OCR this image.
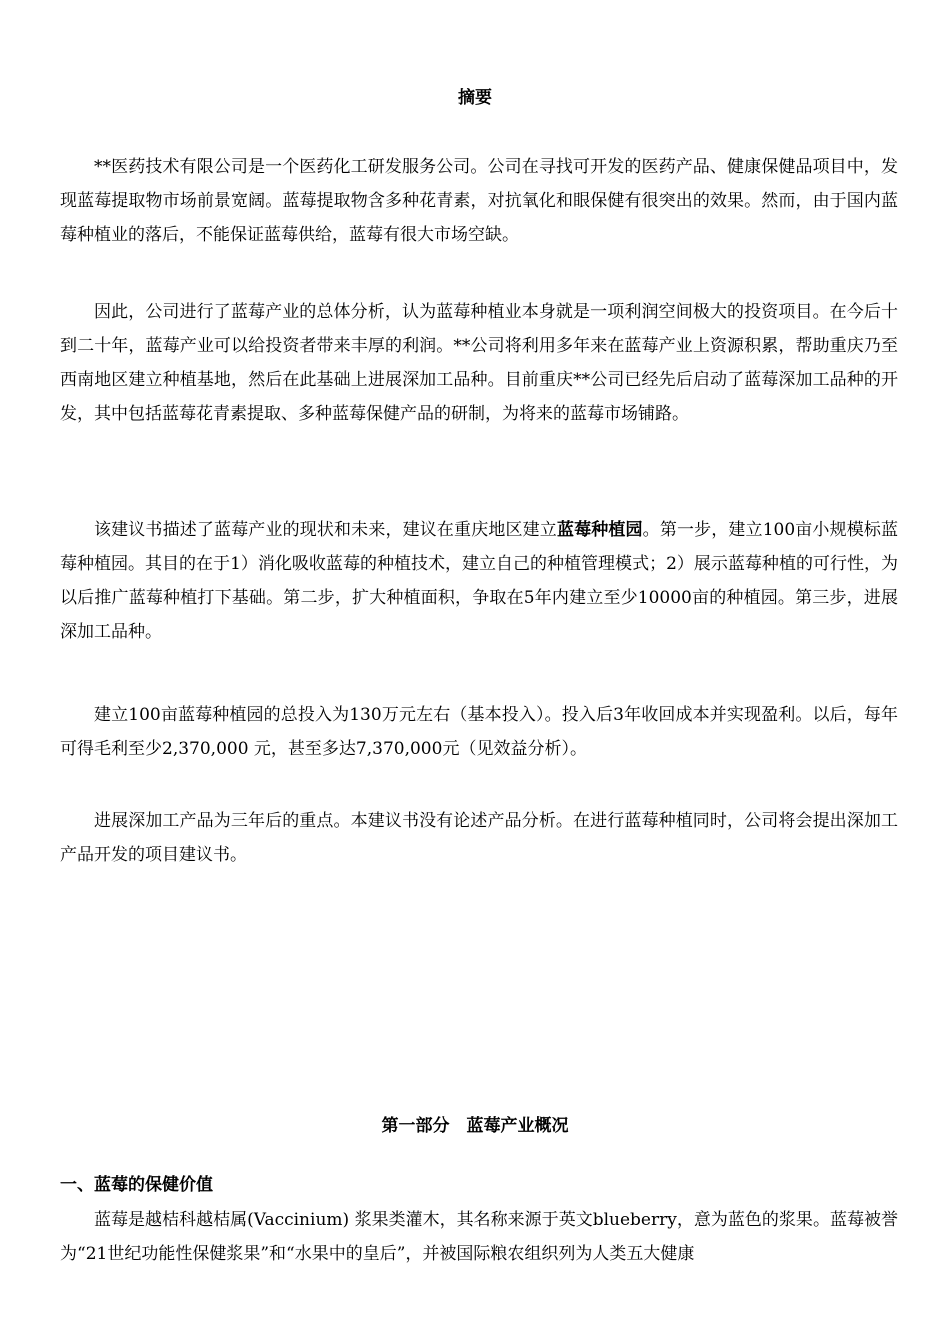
摘要

**医药技术有限公司是一个医药化工研发服务公司。公司在寻找可开发的医药产品、健康保健品项目中，发现蓝莓提取物市场前景宽阔。蓝莓提取物含多种花青素，对抗氧化和眼保健有很突出的效果。然而，由于国内蓝莓种植业的落后，不能保证蓝莓供给，蓝莓有很大市场空缺。

因此，公司进行了蓝莓产业的总体分析，认为蓝莓种植业本身就是一项利润空间极大的投资项目。在今后十到二十年，蓝莓产业可以给投资者带来丰厚的利润。**公司将利用多年来在蓝莓产业上资源积累，帮助重庆乃至西南地区建立种植基地，然后在此基础上进展深加工品种。目前重庆**公司已经先后启动了蓝莓深加工品种的开发，其中包括蓝莓花青素提取、多种蓝莓保健产品的研制，为将来的蓝莓市场铺路。

该建议书描述了蓝莓产业的现状和未来，建议在重庆地区建立蓝莓种植园。第一步，建立100亩小规模标蓝莓种植园。其目的在于1）消化吸收蓝莓的种植技术，建立自己的种植管理模式；2）展示蓝莓种植的可行性，为以后推广蓝莓种植打下基础。第二步，扩大种植面积，争取在5年内建立至少10000亩的种植园。第三步，进展深加工品种。

建立100亩蓝莓种植园的总投入为130万元左右（基本投入）。投入后3年收回成本并实现盈利。以后，每年可得毛利至少2,370,000 元，甚至多达7,370,000元（见效益分析）。

进展深加工产品为三年后的重点。本建议书没有论述产品分析。在进行蓝莓种植同时，公司将会提出深加工产品开发的项目建议书。

第一部分　蓝莓产业概况
一、蓝莓的保健价值

蓝莓是越桔科越桔属(Vaccinium) 浆果类灌木，其名称来源于英文blueberry，意为蓝色的浆果。蓝莓被誉为“21世纪功能性保健浆果”和“水果中的皇后”，并被国际粮农组织列为人类五大健康
